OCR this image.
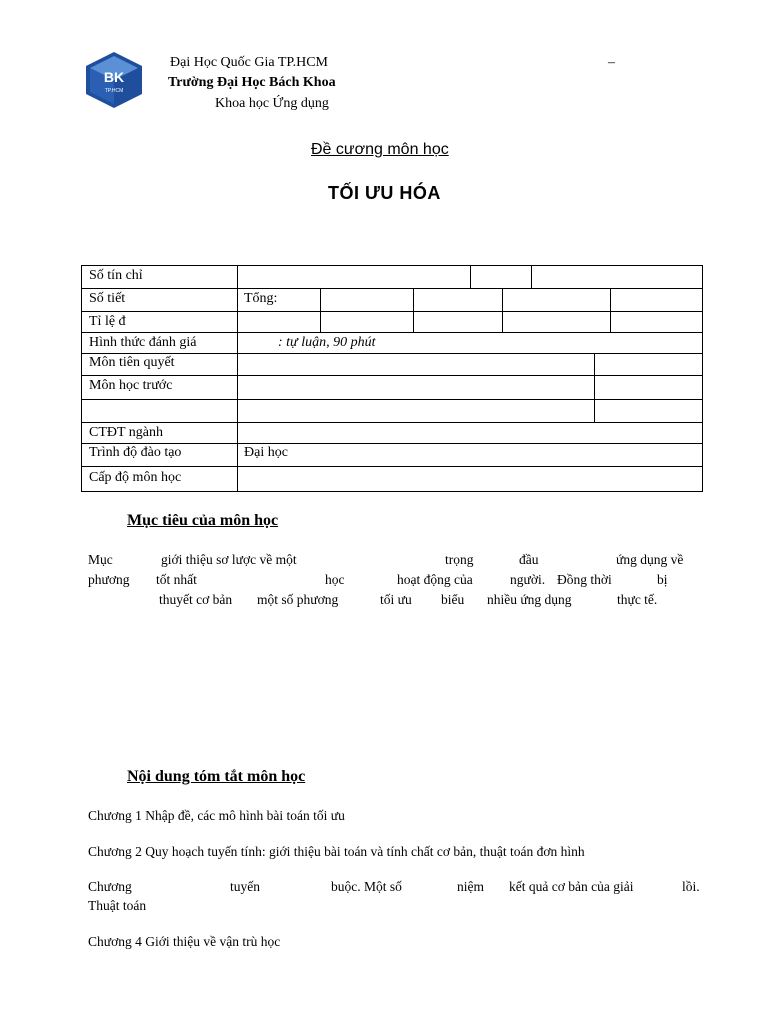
BK
TP.HCM
Đại Học Quốc Gia TP.HCM	–
Trường Đại Học Bách Khoa
Khoa học Ứng dụng
Đề cương môn học
TỐI ƯU HÓA
Số tín chỉ
Số tiết	Tổng:
Tỉ lệ đ
Hình thức đánh giá	: tự luận, 90 phút
Môn tiên quyết
Môn học trước
CTĐT ngành
Trình độ đào tạo	Đại học
Cấp độ môn học
Mục tiêu của môn học
Mục	giới thiệu sơ lược về một	trọng	đầu	ứng dụng về
phương tốt nhất	học	hoạt động của	người. Đồng thời	bị
thuyết cơ bản một số phương	tối ưu biểu nhiều ứng dụng	thực tế.
Nội dung tóm tắt môn học
Chương 1 Nhập đề, các mô hình bài toán tối ưu
Chương 2 Quy hoạch tuyến tính: giới thiệu bài toán và tính chất cơ bản, thuật toán đơn hình
Chương	tuyến	buộc. Một số	niệm kết quả cơ bản của giải	lồi.
Thuật toán
Chương 4 Giới thiệu về vận trù học
